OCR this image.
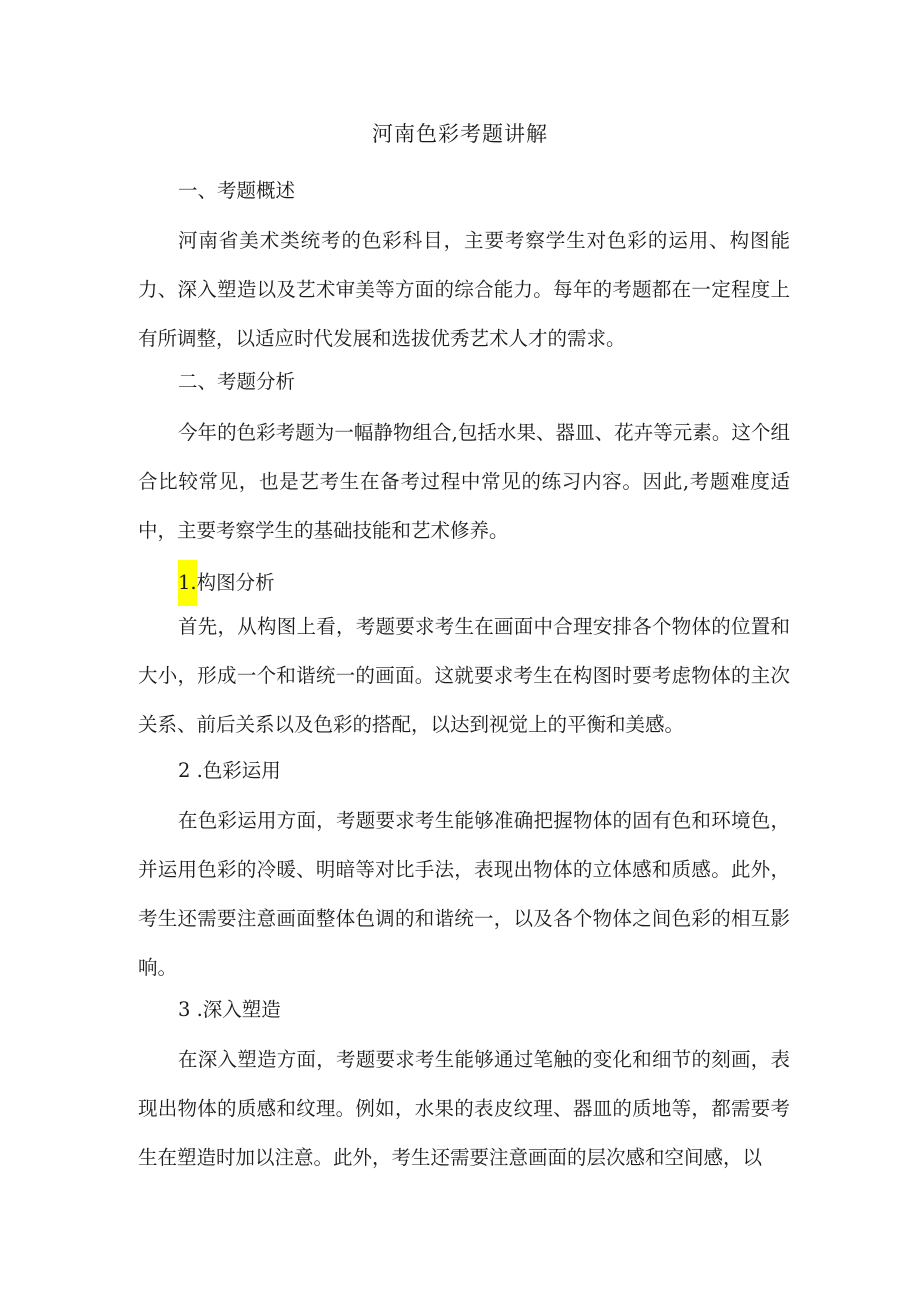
河南色彩考题讲解
一、考题概述

河南省美术类统考的色彩科目，主要考察学生对色彩的运用、构图能力、深入塑造以及艺术审美等方面的综合能力。每年的考题都在一定程度上有所调整，以适应时代发展和选拔优秀艺术人才的需求。

二、考题分析

今年的色彩考题为一幅静物组合,包括水果、器皿、花卉等元素。这个组合比较常见，也是艺考生在备考过程中常见的练习内容。因此,考题难度适中，主要考察学生的基础技能和艺术修养。

1.构图分析

首先，从构图上看，考题要求考生在画面中合理安排各个物体的位置和大小，形成一个和谐统一的画面。这就要求考生在构图时要考虑物体的主次关系、前后关系以及色彩的搭配，以达到视觉上的平衡和美感。

2 .色彩运用

在色彩运用方面，考题要求考生能够准确把握物体的固有色和环境色，并运用色彩的冷暖、明暗等对比手法，表现出物体的立体感和质感。此外，考生还需要注意画面整体色调的和谐统一，以及各个物体之间色彩的相互影响。

3 .深入塑造

在深入塑造方面，考题要求考生能够通过笔触的变化和细节的刻画，表现出物体的质感和纹理。例如，水果的表皮纹理、器皿的质地等，都需要考生在塑造时加以注意。此外，考生还需要注意画面的层次感和空间感，以
